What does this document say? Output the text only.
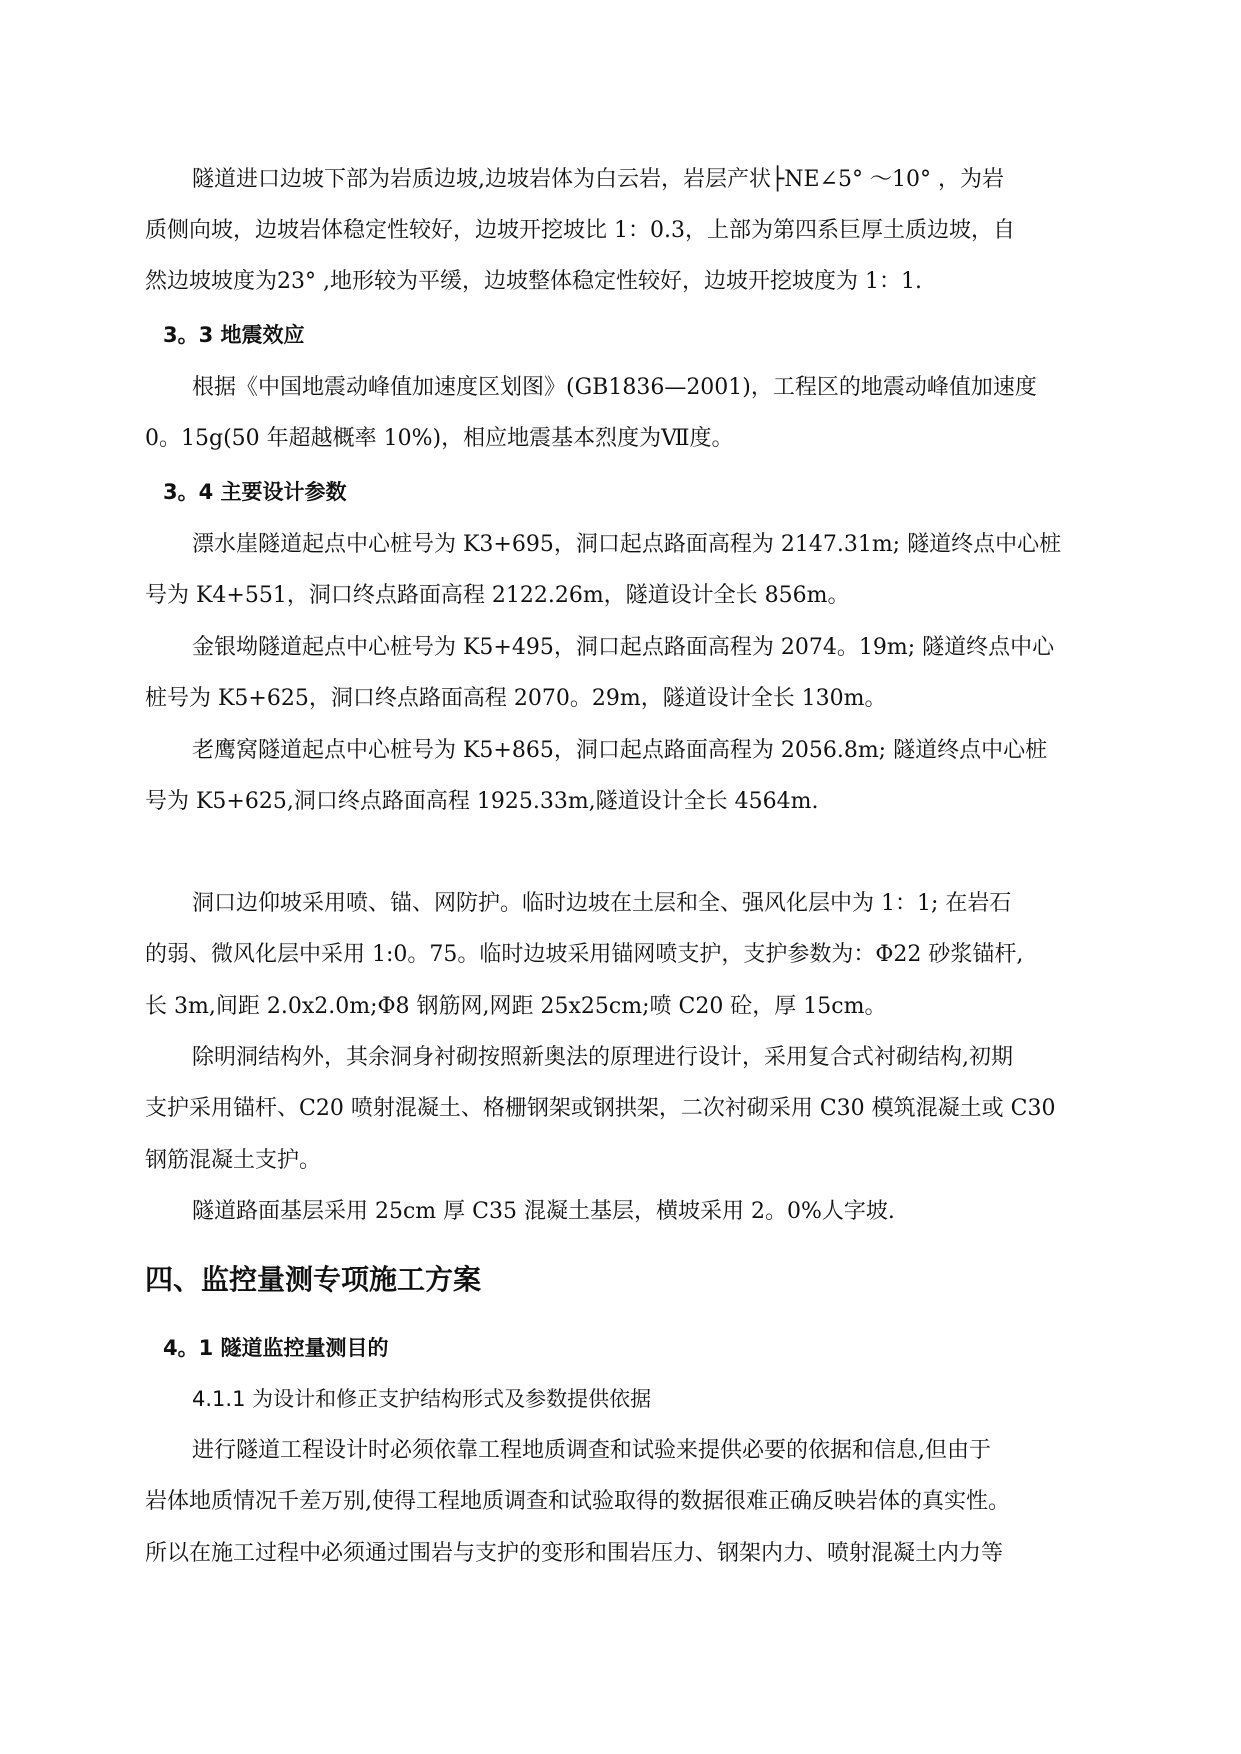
隧道进口边坡下部为岩质边坡,边坡岩体为白云岩，岩层产状├NE∠5° ～10° ，为岩
质侧向坡，边坡岩体稳定性较好，边坡开挖坡比 1：0.3，上部为第四系巨厚土质边坡，自
然边坡坡度为23° ,地形较为平缓，边坡整体稳定性较好，边坡开挖坡度为 1：1.
3。3 地震效应
根据《中国地震动峰值加速度区划图》(GB1836—2001)，工程区的地震动峰值加速度
0。15g(50 年超越概率 10%)，相应地震基本烈度为Ⅶ度。
3。4 主要设计参数
漂水崖隧道起点中心桩号为 K3+695，洞口起点路面高程为 2147.31m; 隧道终点中心桩
号为 K4+551，洞口终点路面高程 2122.26m，隧道设计全长 856m。
金银坳隧道起点中心桩号为 K5+495，洞口起点路面高程为 2074。19m; 隧道终点中心
桩号为 K5+625，洞口终点路面高程 2070。29m，隧道设计全长 130m。
老鹰窝隧道起点中心桩号为 K5+865，洞口起点路面高程为 2056.8m; 隧道终点中心桩
号为 K5+625,洞口终点路面高程 1925.33m,隧道设计全长 4564m.
洞口边仰坡采用喷、锚、网防护。临时边坡在土层和全、强风化层中为 1：1; 在岩石
的弱、微风化层中采用 1:0。75。临时边坡采用锚网喷支护，支护参数为：Φ22 砂浆锚杆,
长 3m,间距 2.0x2.0m;Φ8 钢筋网,网距 25x25cm;喷 C20 砼，厚 15cm。
除明洞结构外，其余洞身衬砌按照新奥法的原理进行设计，采用复合式衬砌结构,初期
支护采用锚杆、C20 喷射混凝土、格栅钢架或钢拱架，二次衬砌采用 C30 模筑混凝土或 C30
钢筋混凝土支护。
隧道路面基层采用 25cm 厚 C35 混凝土基层，横坡采用 2。0%人字坡.
四、监控量测专项施工方案
4。1 隧道监控量测目的
4.1.1 为设计和修正支护结构形式及参数提供依据
进行隧道工程设计时必须依靠工程地质调查和试验来提供必要的依据和信息,但由于
岩体地质情况千差万别,使得工程地质调查和试验取得的数据很难正确反映岩体的真实性。
所以在施工过程中必须通过围岩与支护的变形和围岩压力、钢架内力、喷射混凝土内力等
